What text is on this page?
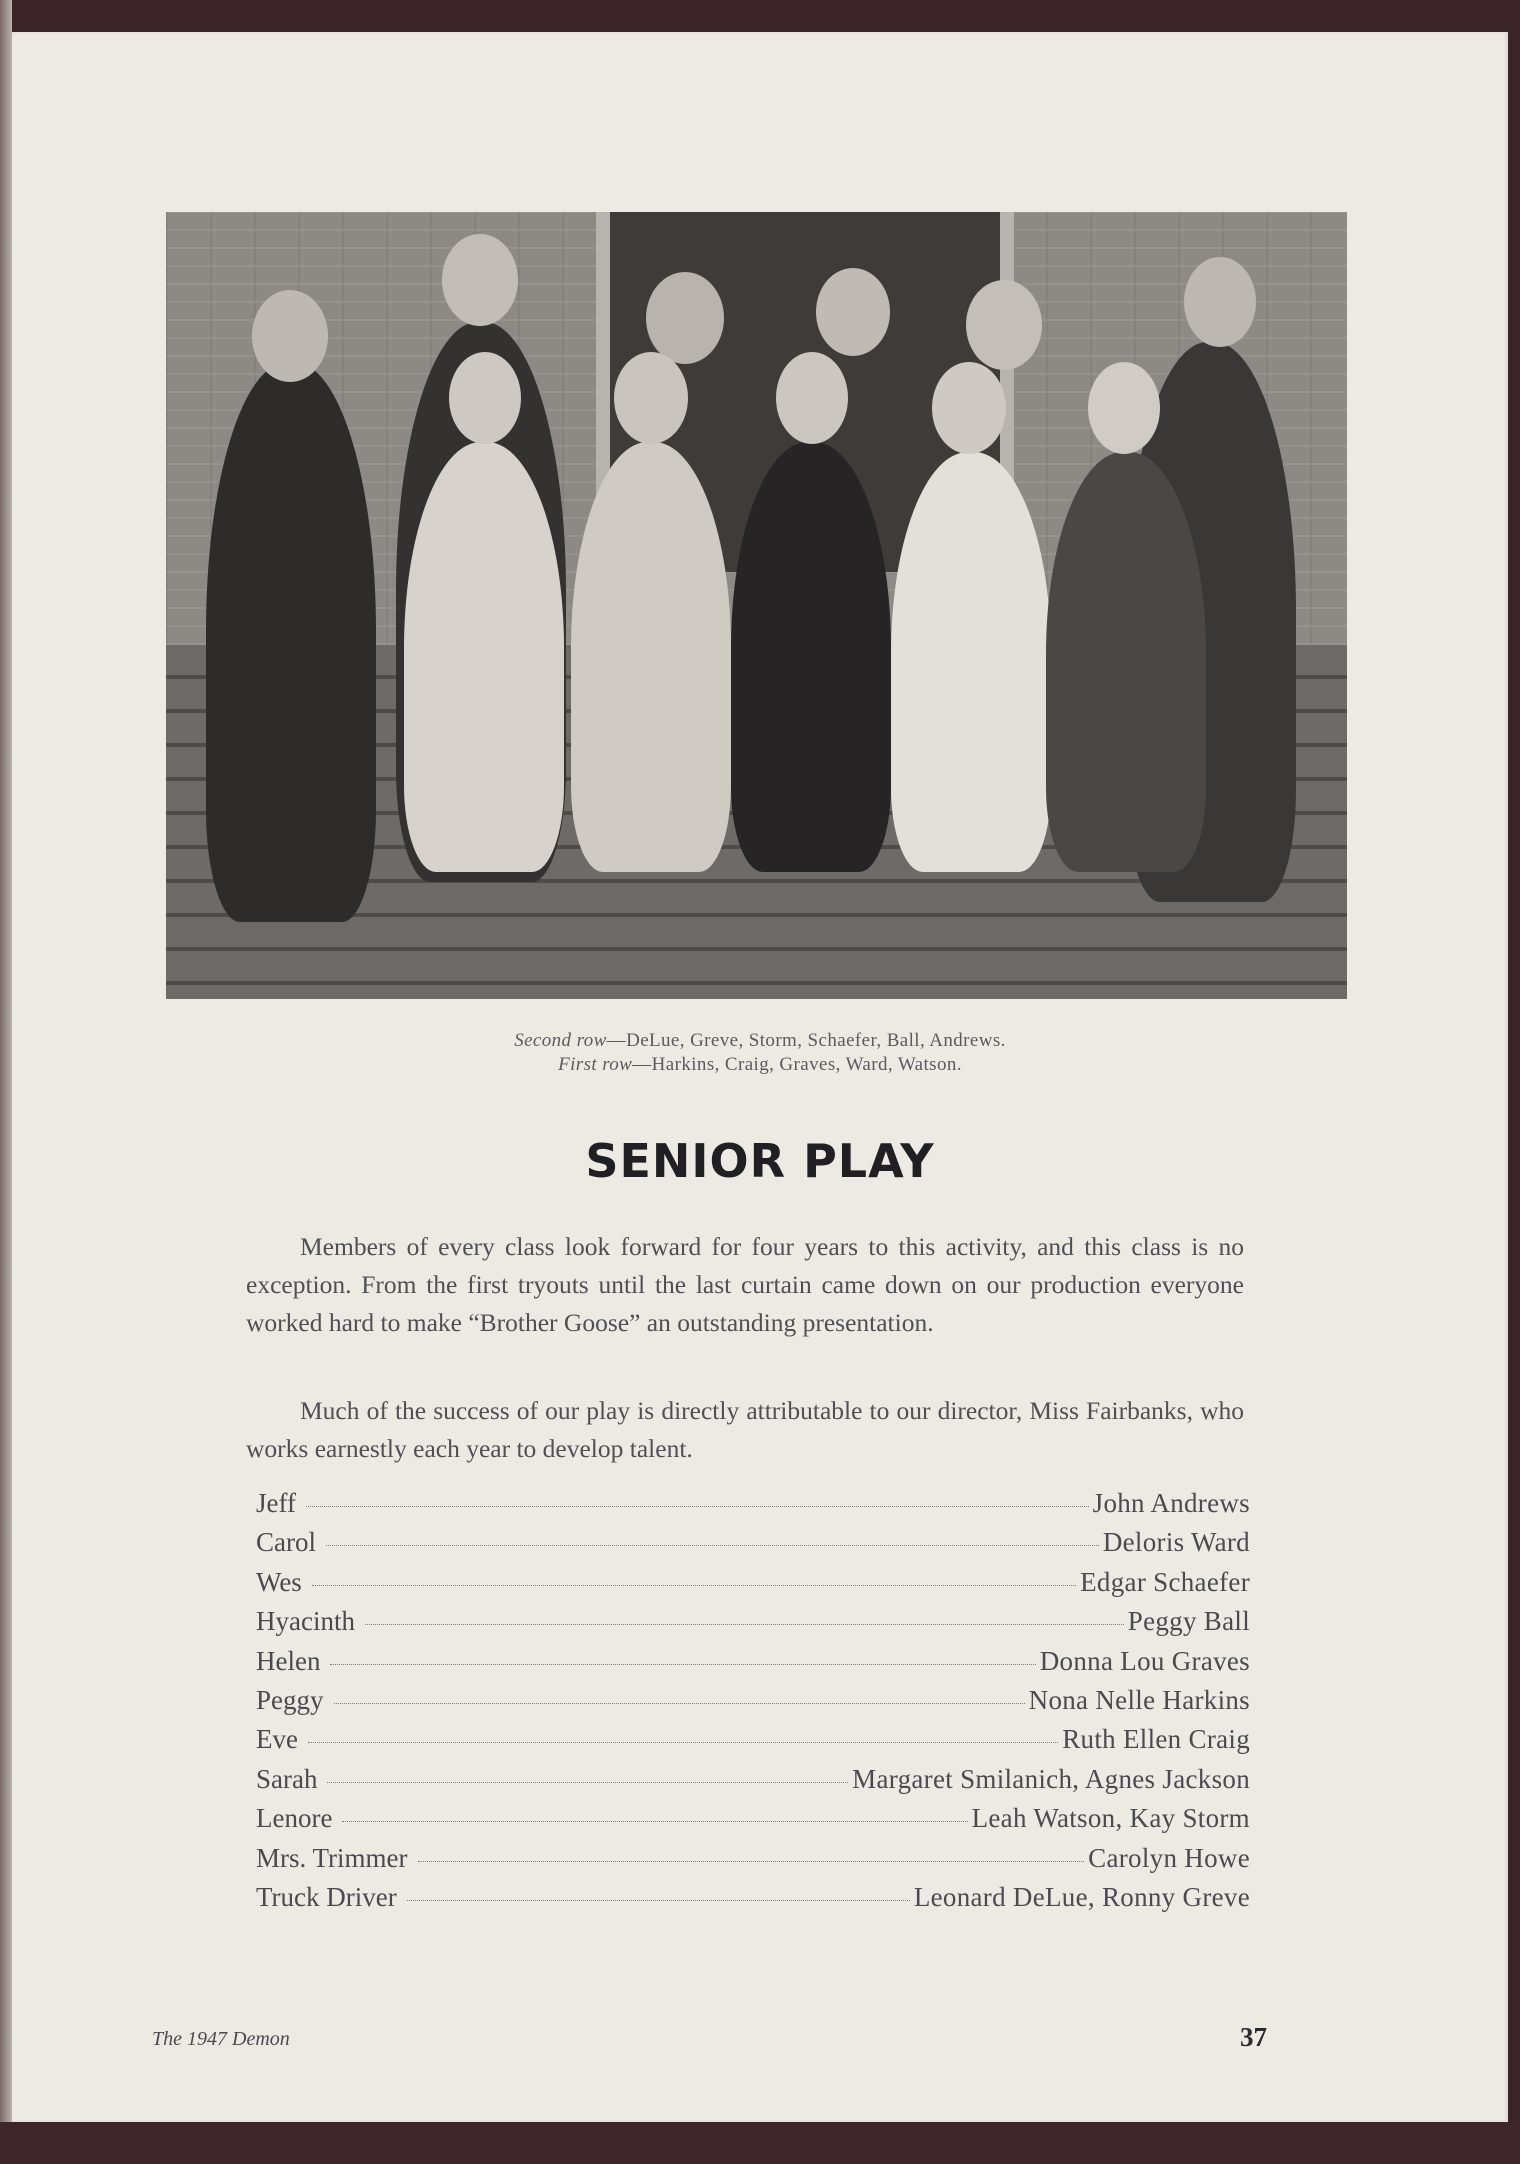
Second row—DeLue, Greve, Storm, Schaefer, Ball, Andrews.
First row—Harkins, Craig, Graves, Ward, Watson.
SENIOR PLAY

Members of every class look forward for four years to this activity, and this class is no exception. From the first tryouts until the last curtain came down on our production everyone worked hard to make “Brother Goose” an outstanding presentation.

Much of the success of our play is directly attributable to our director, Miss Fairbanks, who works earnestly each year to develop talent.

Jeff	John Andrews
Carol	Deloris Ward
Wes	Edgar Schaefer
Hyacinth	Peggy Ball
Helen	Donna Lou Graves
Peggy	Nona Nelle Harkins
Eve	Ruth Ellen Craig
Sarah	Margaret Smilanich, Agnes Jackson
Lenore	Leah Watson, Kay Storm
Mrs. Trimmer	Carolyn Howe
Truck Driver	Leonard DeLue, Ronny Greve
The 1947 Demon	37
